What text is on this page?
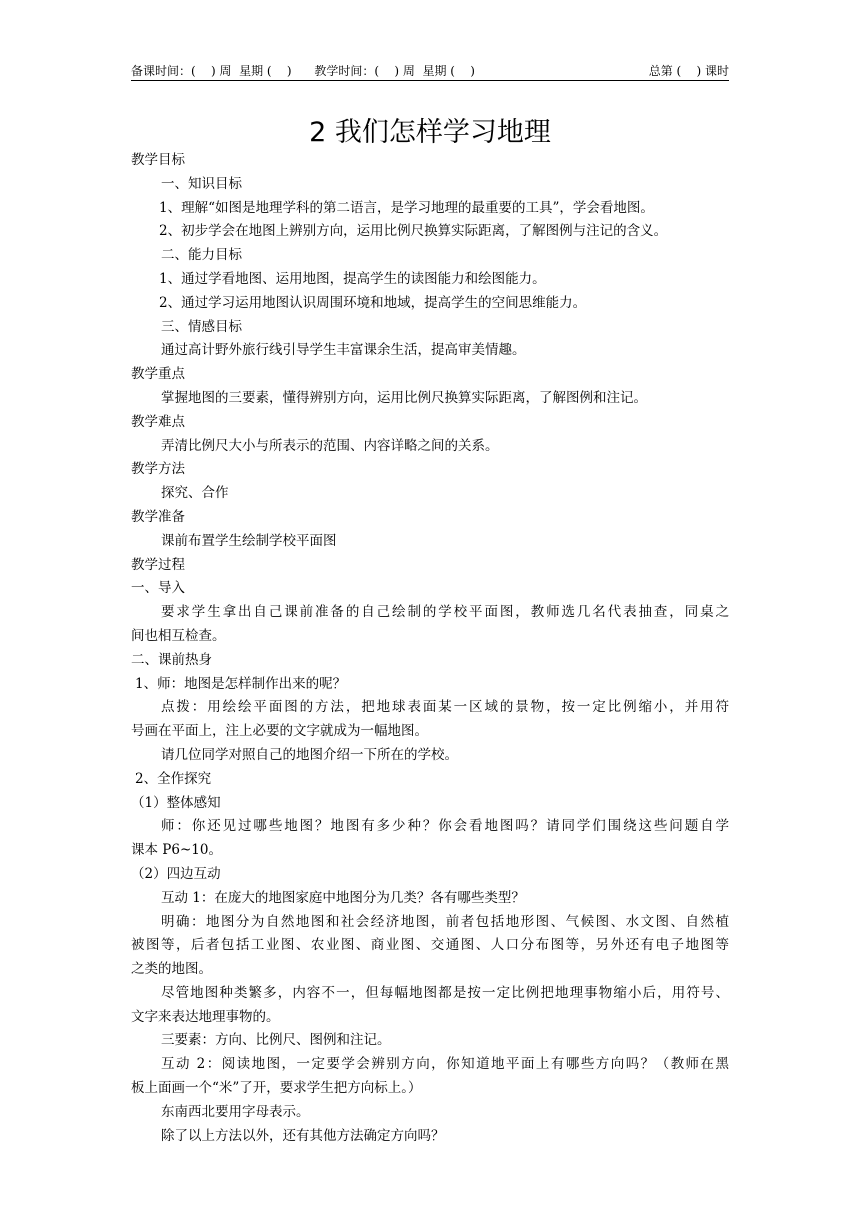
备课时间：(    ) 周  星期 (    )      教学时间：(    ) 周  星期 (    )	总第 (    ) 课时
2 我们怎样学习地理
教学目标
一、知识目标
1、理解“如图是地理学科的第二语言，是学习地理的最重要的工具”，学会看地图。
2、初步学会在地图上辨别方向，运用比例尺换算实际距离，了解图例与注记的含义。
二、能力目标
1、通过学看地图、运用地图，提高学生的读图能力和绘图能力。
2、通过学习运用地图认识周围环境和地域，提高学生的空间思维能力。
三、情感目标
通过高计野外旅行线引导学生丰富课余生活，提高审美情趣。
教学重点
掌握地图的三要素，懂得辨别方向，运用比例尺换算实际距离，了解图例和注记。
教学难点
弄清比例尺大小与所表示的范围、内容详略之间的关系。
教学方法
探究、合作
教学准备
课前布置学生绘制学校平面图
教学过程
一、导入
要求学生拿出自己课前准备的自己绘制的学校平面图，教师选几名代表抽查，同桌之
间也相互检查。
二、课前热身
1、师：地图是怎样制作出来的呢？
点拨：用绘绘平面图的方法，把地球表面某一区域的景物，按一定比例缩小，并用符
号画在平面上，注上必要的文字就成为一幅地图。
请几位同学对照自己的地图介绍一下所在的学校。
2、全作探究
（1）整体感知
师：你还见过哪些地图？地图有多少种？你会看地图吗？请同学们围绕这些问题自学
课本 P6~10。
（2）四边互动
互动 1：在庞大的地图家庭中地图分为几类？各有哪些类型？
明确：地图分为自然地图和社会经济地图，前者包括地形图、气候图、水文图、自然植
被图等，后者包括工业图、农业图、商业图、交通图、人口分布图等，另外还有电子地图等
之类的地图。
尽管地图种类繁多，内容不一，但每幅地图都是按一定比例把地理事物缩小后，用符号、
文字来表达地理事物的。
三要素：方向、比例尺、图例和注记。
互动 2：阅读地图，一定要学会辨别方向，你知道地平面上有哪些方向吗？（教师在黑
板上面画一个“米”了开，要求学生把方向标上。）
东南西北要用字母表示。
除了以上方法以外，还有其他方法确定方向吗？
